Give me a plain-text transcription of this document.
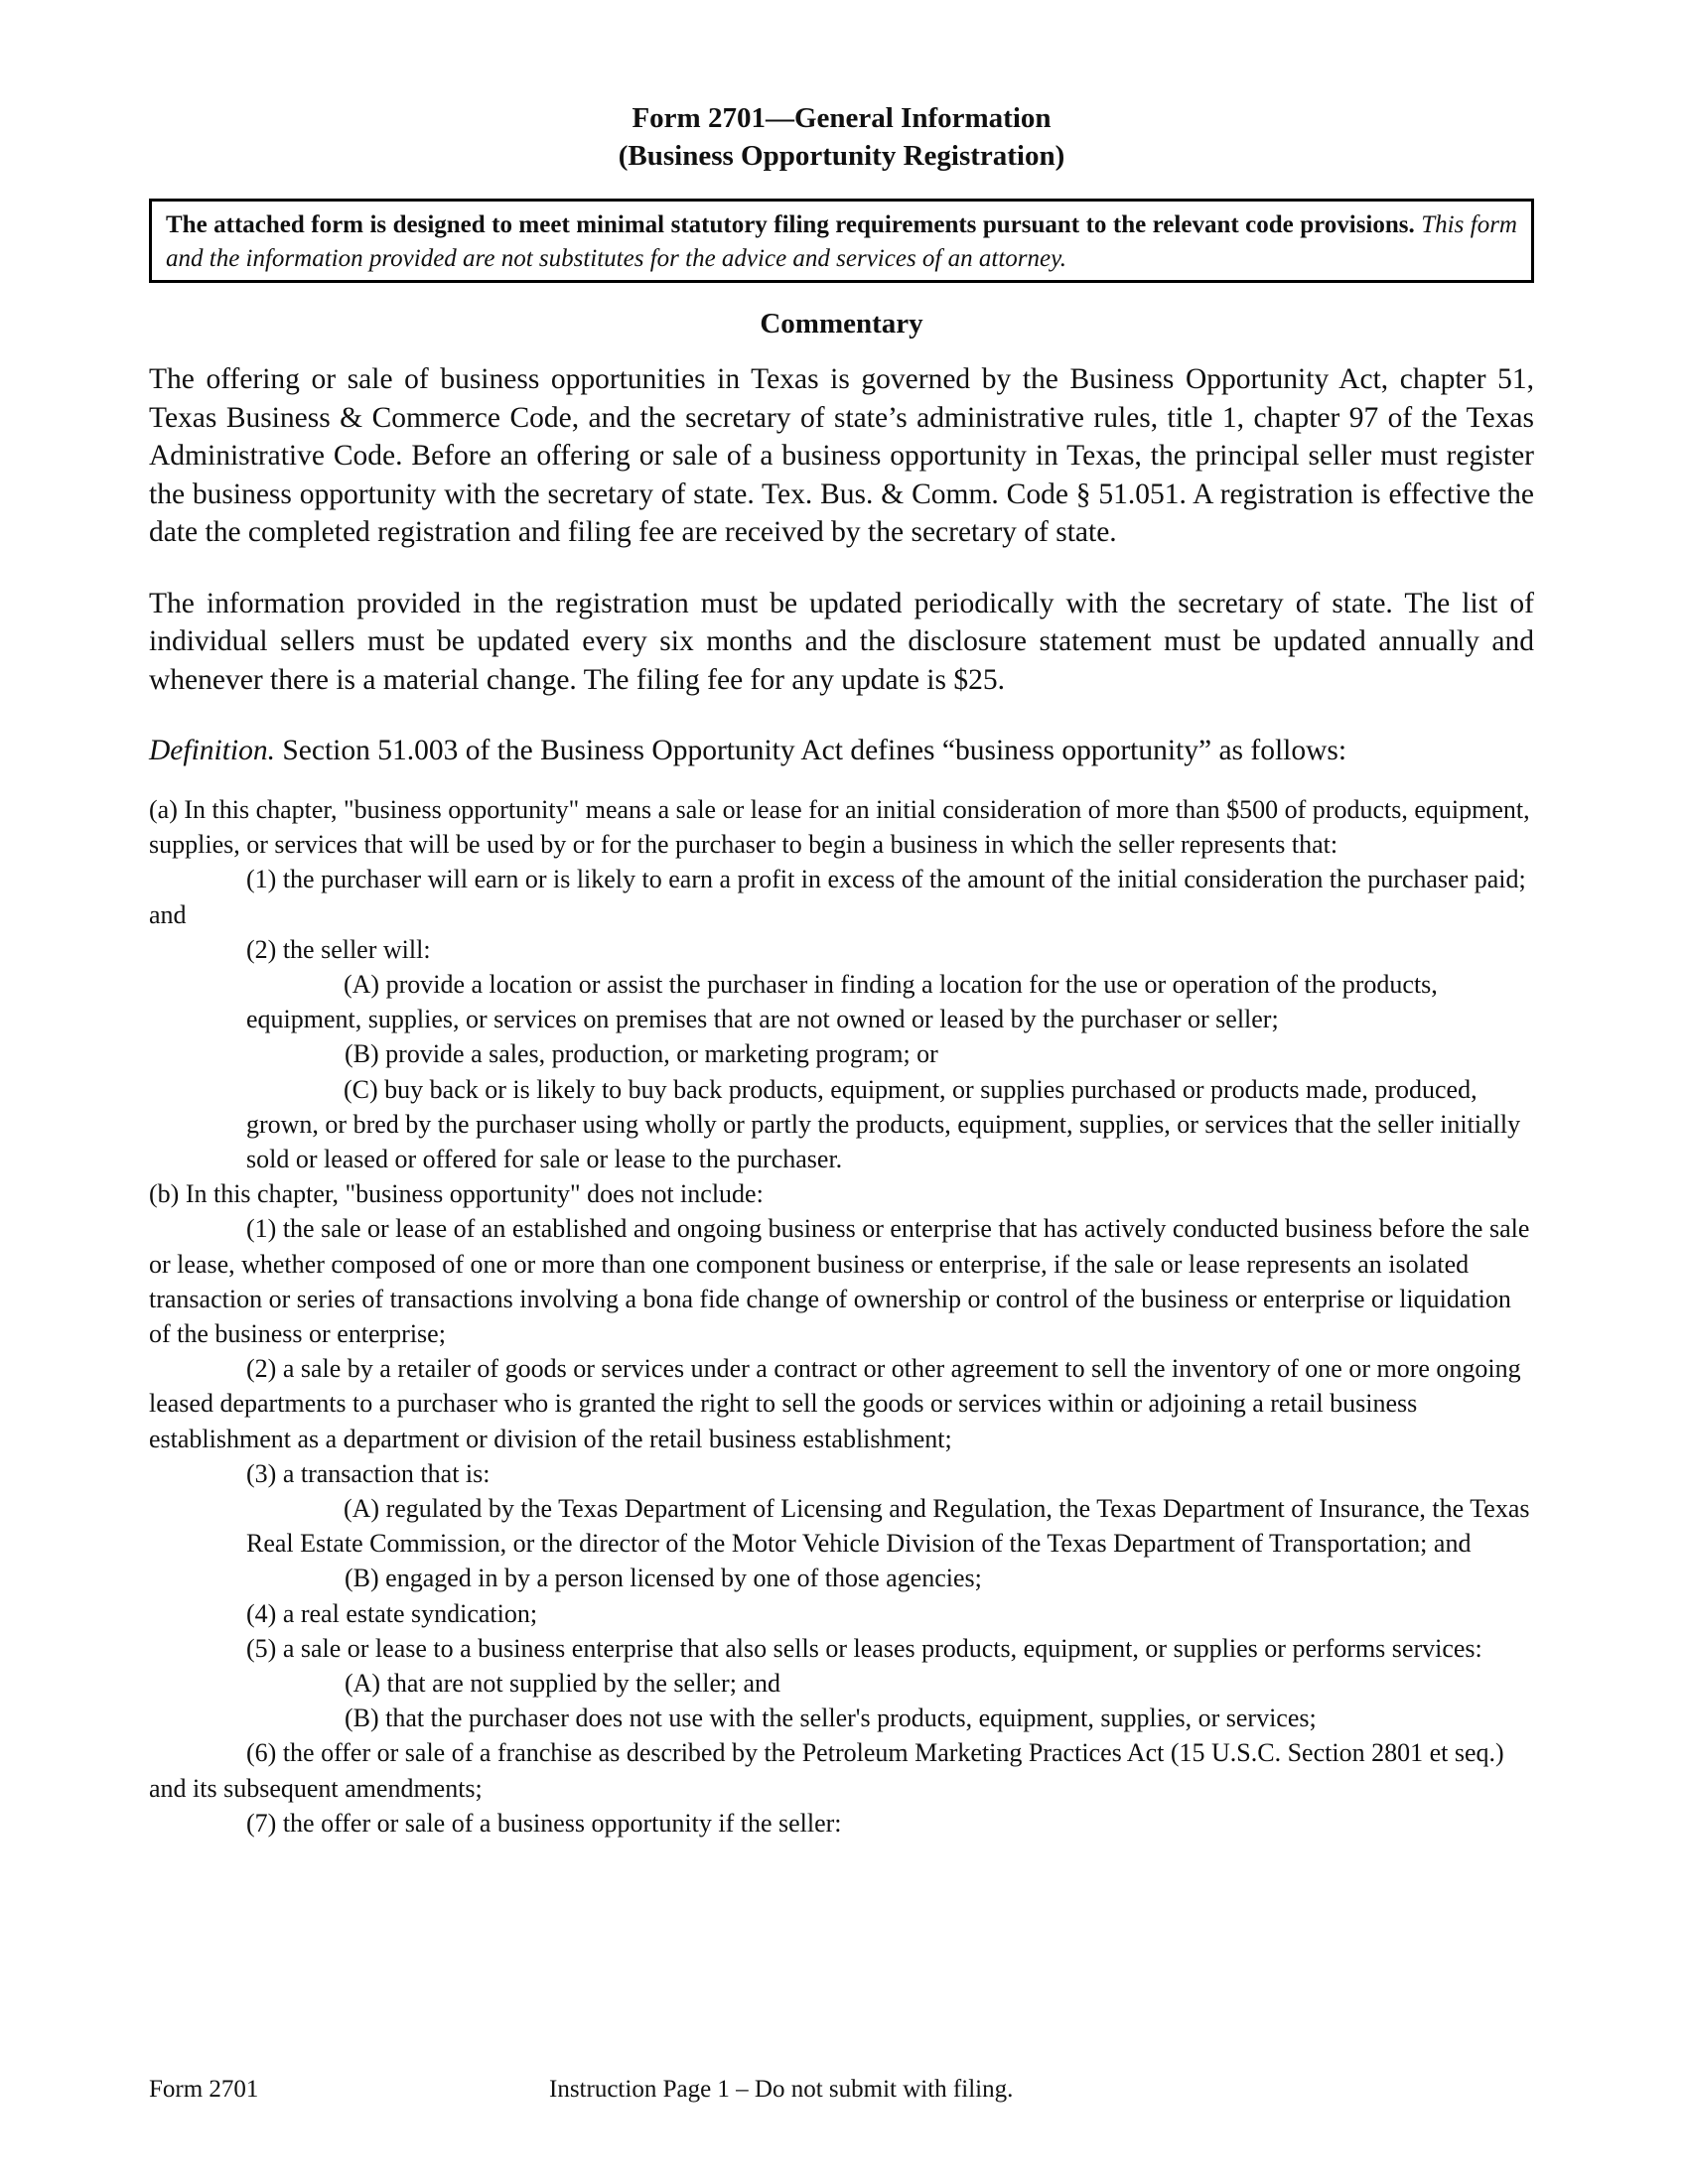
Form 2701—General Information

(Business Opportunity Registration)

The attached form is designed to meet minimal statutory filing requirements pursuant to the relevant code provisions. This form and the information provided are not substitutes for the advice and services of an attorney.
Commentary

The offering or sale of business opportunities in Texas is governed by the Business Opportunity Act, chapter 51, Texas Business & Commerce Code, and the secretary of state’s administrative rules, title 1, chapter 97 of the Texas Administrative Code. Before an offering or sale of a business opportunity in Texas, the principal seller must register the business opportunity with the secretary of state. Tex. Bus. & Comm. Code § 51.051. A registration is effective the date the completed registration and filing fee are received by the secretary of state.

The information provided in the registration must be updated periodically with the secretary of state. The list of individual sellers must be updated every six months and the disclosure statement must be updated annually and whenever there is a material change. The filing fee for any update is $25.

Definition. Section 51.003 of the Business Opportunity Act defines “business opportunity” as follows:

(a) In this chapter, "business opportunity" means a sale or lease for an initial consideration of more than $500 of products, equipment, supplies, or services that will be used by or for the purchaser to begin a business in which the seller represents that:

(1) the purchaser will earn or is likely to earn a profit in excess of the amount of the initial consideration the purchaser paid; and

(2) the seller will:

(A) provide a location or assist the purchaser in finding a location for the use or operation of the products, equipment, supplies, or services on premises that are not owned or leased by the purchaser or seller;

(B) provide a sales, production, or marketing program; or

(C) buy back or is likely to buy back products, equipment, or supplies purchased or products made, produced, grown, or bred by the purchaser using wholly or partly the products, equipment, supplies, or services that the seller initially sold or leased or offered for sale or lease to the purchaser.

(b) In this chapter, "business opportunity" does not include:

(1) the sale or lease of an established and ongoing business or enterprise that has actively conducted business before the sale or lease, whether composed of one or more than one component business or enterprise, if the sale or lease represents an isolated transaction or series of transactions involving a bona fide change of ownership or control of the business or enterprise or liquidation of the business or enterprise;

(2) a sale by a retailer of goods or services under a contract or other agreement to sell the inventory of one or more ongoing leased departments to a purchaser who is granted the right to sell the goods or services within or adjoining a retail business establishment as a department or division of the retail business establishment;

(3) a transaction that is:

(A) regulated by the Texas Department of Licensing and Regulation, the Texas Department of Insurance, the Texas Real Estate Commission, or the director of the Motor Vehicle Division of the Texas Department of Transportation; and

(B) engaged in by a person licensed by one of those agencies;

(4) a real estate syndication;

(5) a sale or lease to a business enterprise that also sells or leases products, equipment, or supplies or performs services:

(A) that are not supplied by the seller; and

(B) that the purchaser does not use with the seller's products, equipment, supplies, or services;

(6) the offer or sale of a franchise as described by the Petroleum Marketing Practices Act (15 U.S.C. Section 2801 et seq.) and its subsequent amendments;

(7) the offer or sale of a business opportunity if the seller:

Form 2701	Instruction Page 1 – Do not submit with filing.
